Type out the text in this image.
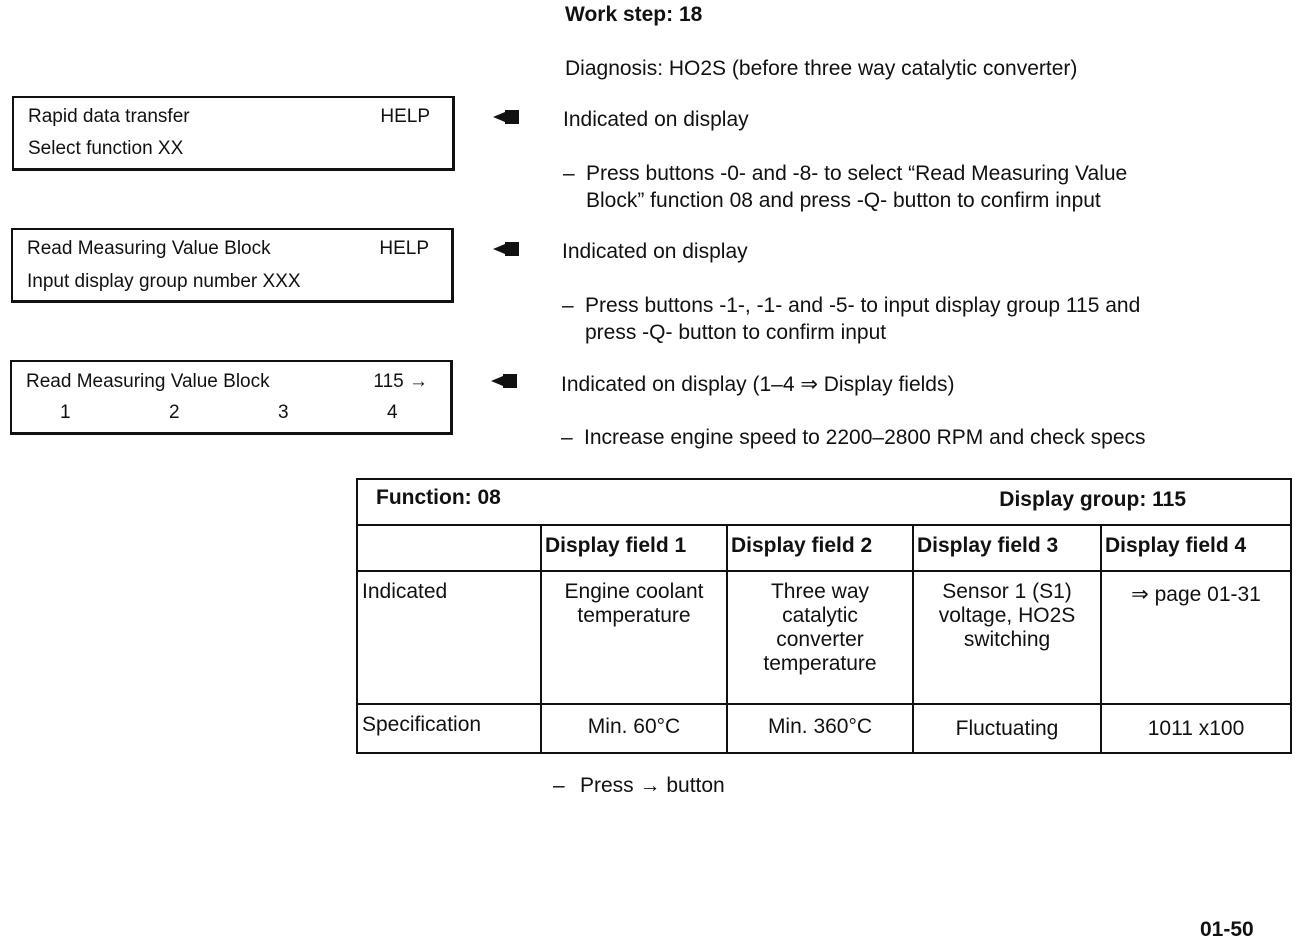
Work step: 18
Diagnosis: HO2S (before three way catalytic converter)
Rapid data transfer	HELP
Select function XX
Read Measuring Value Block	HELP
Input display group number XXX
Read Measuring Value Block	115 →
1	2	3	4
Indicated on display
– Press buttons -0- and -8- to select “Read Measuring Value
Block” function 08 and press -Q- button to confirm input
Indicated on display
– Press buttons -1-, -1- and -5- to input display group 115 and
press -Q- button to confirm input
Indicated on display (1–4 ⇒ Display fields)
– Increase engine speed to 2200–2800 RPM and check specs
Function: 08 Display group: 115				

	Display field 1	Display field 2	Display field 3	Display field 4
Indicated	Engine coolant temperature	Three way catalytic converter temperature	Sensor 1 (S1) voltage, HO2S switching	⇒ page 01-31
Specification	Min. 60°C	Min. 360°C	Fluctuating	1011 x100
– Press → button
01-50
